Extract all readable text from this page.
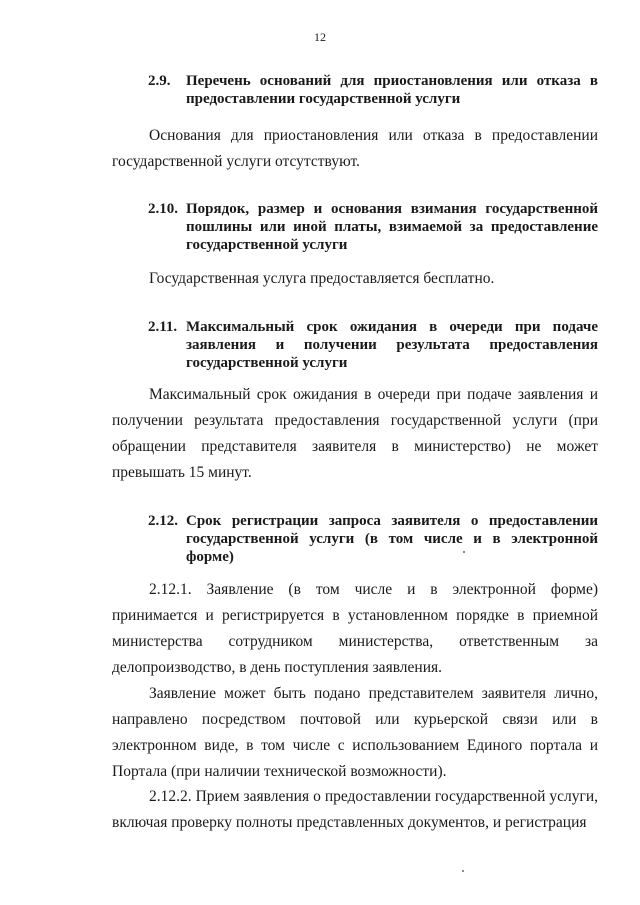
12
2.9.	Перечень оснований для приостановления или отказа в предоставлении государственной услуги

Основания для приостановления или отказа в предоставлении государственной услуги отсутствуют.

2.10. Порядок, размер и основания взимания государственной пошлины или иной платы, взимаемой за предоставление государственной услуги

Государственная услуга предоставляется бесплатно.

2.11. Максимальный срок ожидания в очереди при подаче заявления и получении результата предоставления государственной услуги

Максимальный срок ожидания в очереди при подаче заявления и получении результата предоставления государственной услуги (при обращении представителя заявителя в министерство) не может превышать 15 минут.

2.12. Срок регистрации запроса заявителя о предоставлении государственной услуги (в том числе и в электронной форме)

2.12.1. Заявление (в том числе и в электронной форме) принимается и регистрируется в установленном порядке в приемной министерства сотрудником министерства, ответственным за делопроизводство, в день поступления заявления.

Заявление может быть подано представителем заявителя лично, направлено посредством почтовой или курьерской связи или в электронном виде, в том числе с использованием Единого портала и Портала (при наличии технической возможности).

2.12.2. Прием заявления о предоставлении государственной услуги, включая проверку полноты представленных документов, и регистрация
